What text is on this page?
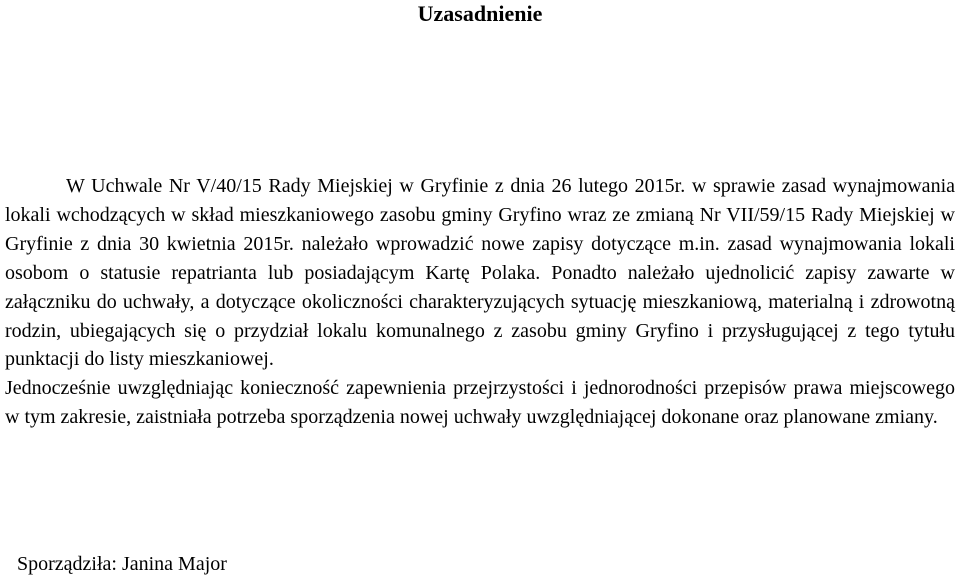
Uzasadnienie

W Uchwale Nr V/40/15 Rady Miejskiej w Gryfinie z dnia 26 lutego 2015r. w sprawie zasad wynajmowania lokali wchodzących w skład mieszkaniowego zasobu gminy Gryfino wraz ze zmianą Nr VII/59/15 Rady Miejskiej w Gryfinie z dnia 30 kwietnia 2015r. należało wprowadzić nowe zapisy dotyczące m.in. zasad wynajmowania lokali osobom o statusie repatrianta lub posiadającym Kartę Polaka. Ponadto należało ujednolicić zapisy zawarte w załączniku do uchwały, a dotyczące okoliczności charakteryzujących sytuację mieszkaniową, materialną i zdrowotną rodzin, ubiegających się o przydział lokalu komunalnego z zasobu gminy Gryfino i przysługującej z tego tytułu punktacji do listy mieszkaniowej.

Jednocześnie uwzględniając konieczność zapewnienia przejrzystości i jednorodności przepisów prawa miejscowego w tym zakresie, zaistniała potrzeba sporządzenia nowej uchwały uwzględniającej dokonane oraz planowane zmiany.

Sporządziła: Janina Major
